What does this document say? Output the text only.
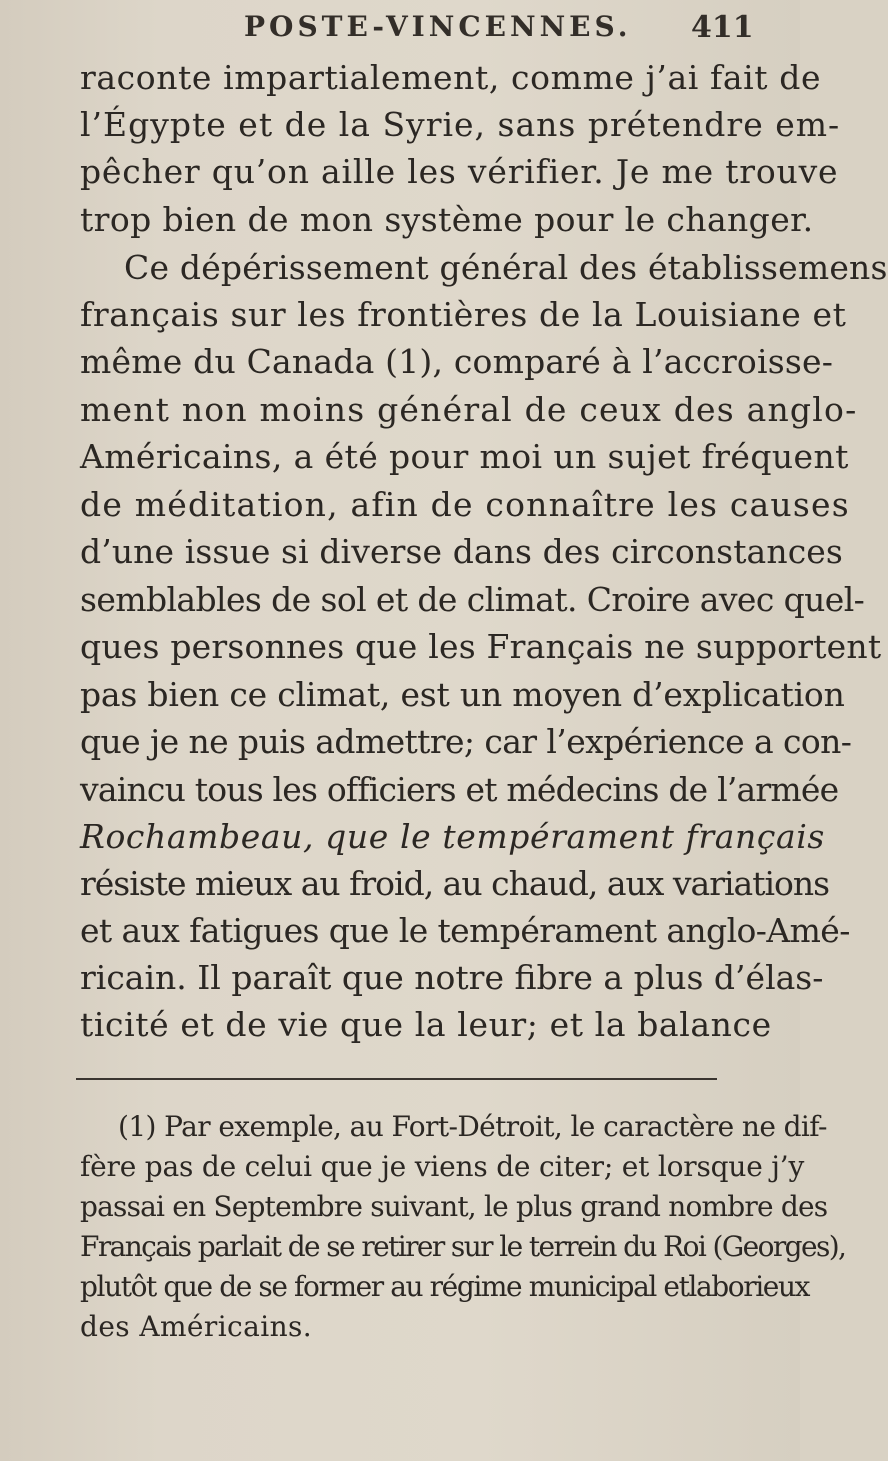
POSTE-VINCENNES. 411
raconte impartialement, comme j’ai fait de
l’Égypte et de la Syrie, sans prétendre em-
pêcher qu’on aille les vérifier. Je me trouve
trop bien de mon système pour le changer.
Ce dépérissement général des établissemens
français sur les frontières de la Louisiane et
même du Canada (1), comparé à l’accroisse-
ment non moins général de ceux des anglo-
Américains, a été pour moi un sujet fréquent
de méditation, afin de connaître les causes
d’une issue si diverse dans des circonstances
semblables de sol et de climat. Croire avec quel-
ques personnes que les Français ne supportent
pas bien ce climat, est un moyen d’explication
que je ne puis admettre; car l’expérience a con-
vaincu tous les officiers et médecins de l’armée
Rochambeau, que le tempérament français
résiste mieux au froid, au chaud, aux variations
et aux fatigues que le tempérament anglo-Amé-
ricain. Il paraît que notre fibre a plus d’élas-
ticité et de vie que la leur; et la balance
(1) Par exemple, au Fort-Détroit, le caractère ne dif-
fère pas de celui que je viens de citer; et lorsque j’y
passai en Septembre suivant, le plus grand nombre des
Français parlait de se retirer sur le terrein du Roi (Georges),
plutôt que de se former au régime municipal etlaborieux
des Américains.
